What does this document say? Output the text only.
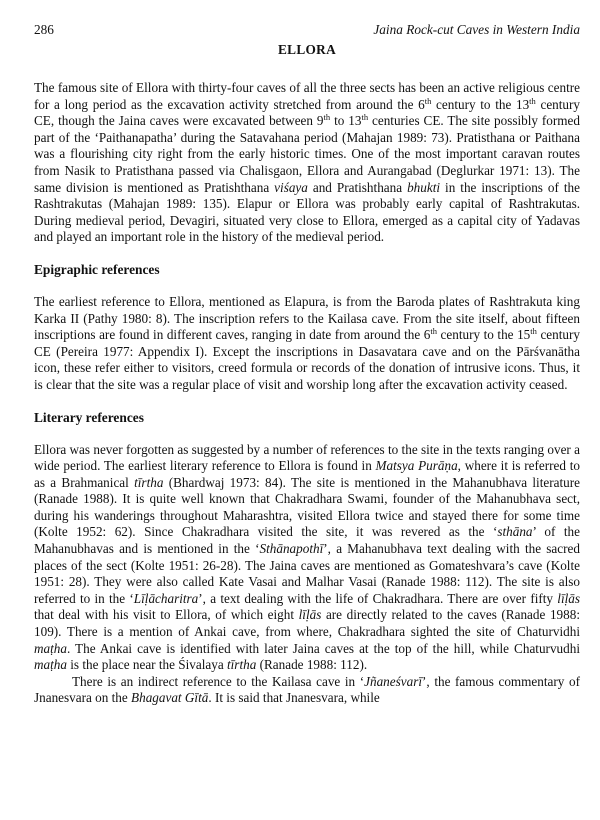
286	Jaina Rock-cut Caves in Western India
ELLORA

The famous site of Ellora with thirty-four caves of all the three sects has been an active religious centre for a long period as the excavation activity stretched from around the 6th century to the 13th century CE, though the Jaina caves were excavated between 9th to 13th centuries CE. The site possibly formed part of the ‘Paithanapatha’ during the Satavahana period (Mahajan 1989: 73). Pratisthana or Paithana was a flourishing city right from the early historic times. One of the most important caravan routes from Nasik to Pratisthana passed via Chalisgaon, Ellora and Aurangabad (Deglurkar 1971: 13). The same division is mentioned as Pratishthana viśaya and Pratishthana bhukti in the inscriptions of the Rashtrakutas (Mahajan 1989: 135). Elapur or Ellora was probably early capital of Rashtrakutas. During medieval period, Devagiri, situated very close to Ellora, emerged as a capital city of Yadavas and played an important role in the history of the medieval period.

Epigraphic references

The earliest reference to Ellora, mentioned as Elapura, is from the Baroda plates of Rashtrakuta king Karka II (Pathy 1980: 8). The inscription refers to the Kailasa cave. From the site itself, about fifteen inscriptions are found in different caves, ranging in date from around the 6th century to the 15th century CE (Pereira 1977: Appendix I). Except the inscriptions in Dasavatara cave and on the Pārśvanātha icon, these refer either to visitors, creed formula or records of the donation of intrusive icons. Thus, it is clear that the site was a regular place of visit and worship long after the excavation activity ceased.

Literary references

Ellora was never forgotten as suggested by a number of references to the site in the texts ranging over a wide period. The earliest literary reference to Ellora is found in Matsya Purāṇa, where it is referred to as a Brahmanical tīrtha (Bhardwaj 1973: 84). The site is mentioned in the Mahanubhava literature (Ranade 1988). It is quite well known that Chakradhara Swami, founder of the Mahanubhava sect, during his wanderings throughout Maharashtra, visited Ellora twice and stayed there for some time (Kolte 1952: 62). Since Chakradhara visited the site, it was revered as the ‘sthāna’ of the Mahanubhavas and is mentioned in the ‘Sthānapothī’, a Mahanubhava text dealing with the sacred places of the sect (Kolte 1951: 26-28). The Jaina caves are mentioned as Gomateshvara’s cave (Kolte 1951: 28). They were also called Kate Vasai and Malhar Vasai (Ranade 1988: 112). The site is also referred to in the ‘Līḷācharitra’, a text dealing with the life of Chakradhara. There are over fifty līḷās that deal with his visit to Ellora, of which eight līḷās are directly related to the caves (Ranade 1988: 109). There is a mention of Ankai cave, from where, Chakradhara sighted the site of Chaturvidhi maṭha. The Ankai cave is identified with later Jaina caves at the top of the hill, while Chaturvudhi maṭha is the place near the Śivalaya tīrtha (Ranade 1988: 112).

There is an indirect reference to the Kailasa cave in ‘Jñaneśvarī’, the famous commentary of Jnanesvara on the Bhagavat Gītā. It is said that Jnanesvara, while
